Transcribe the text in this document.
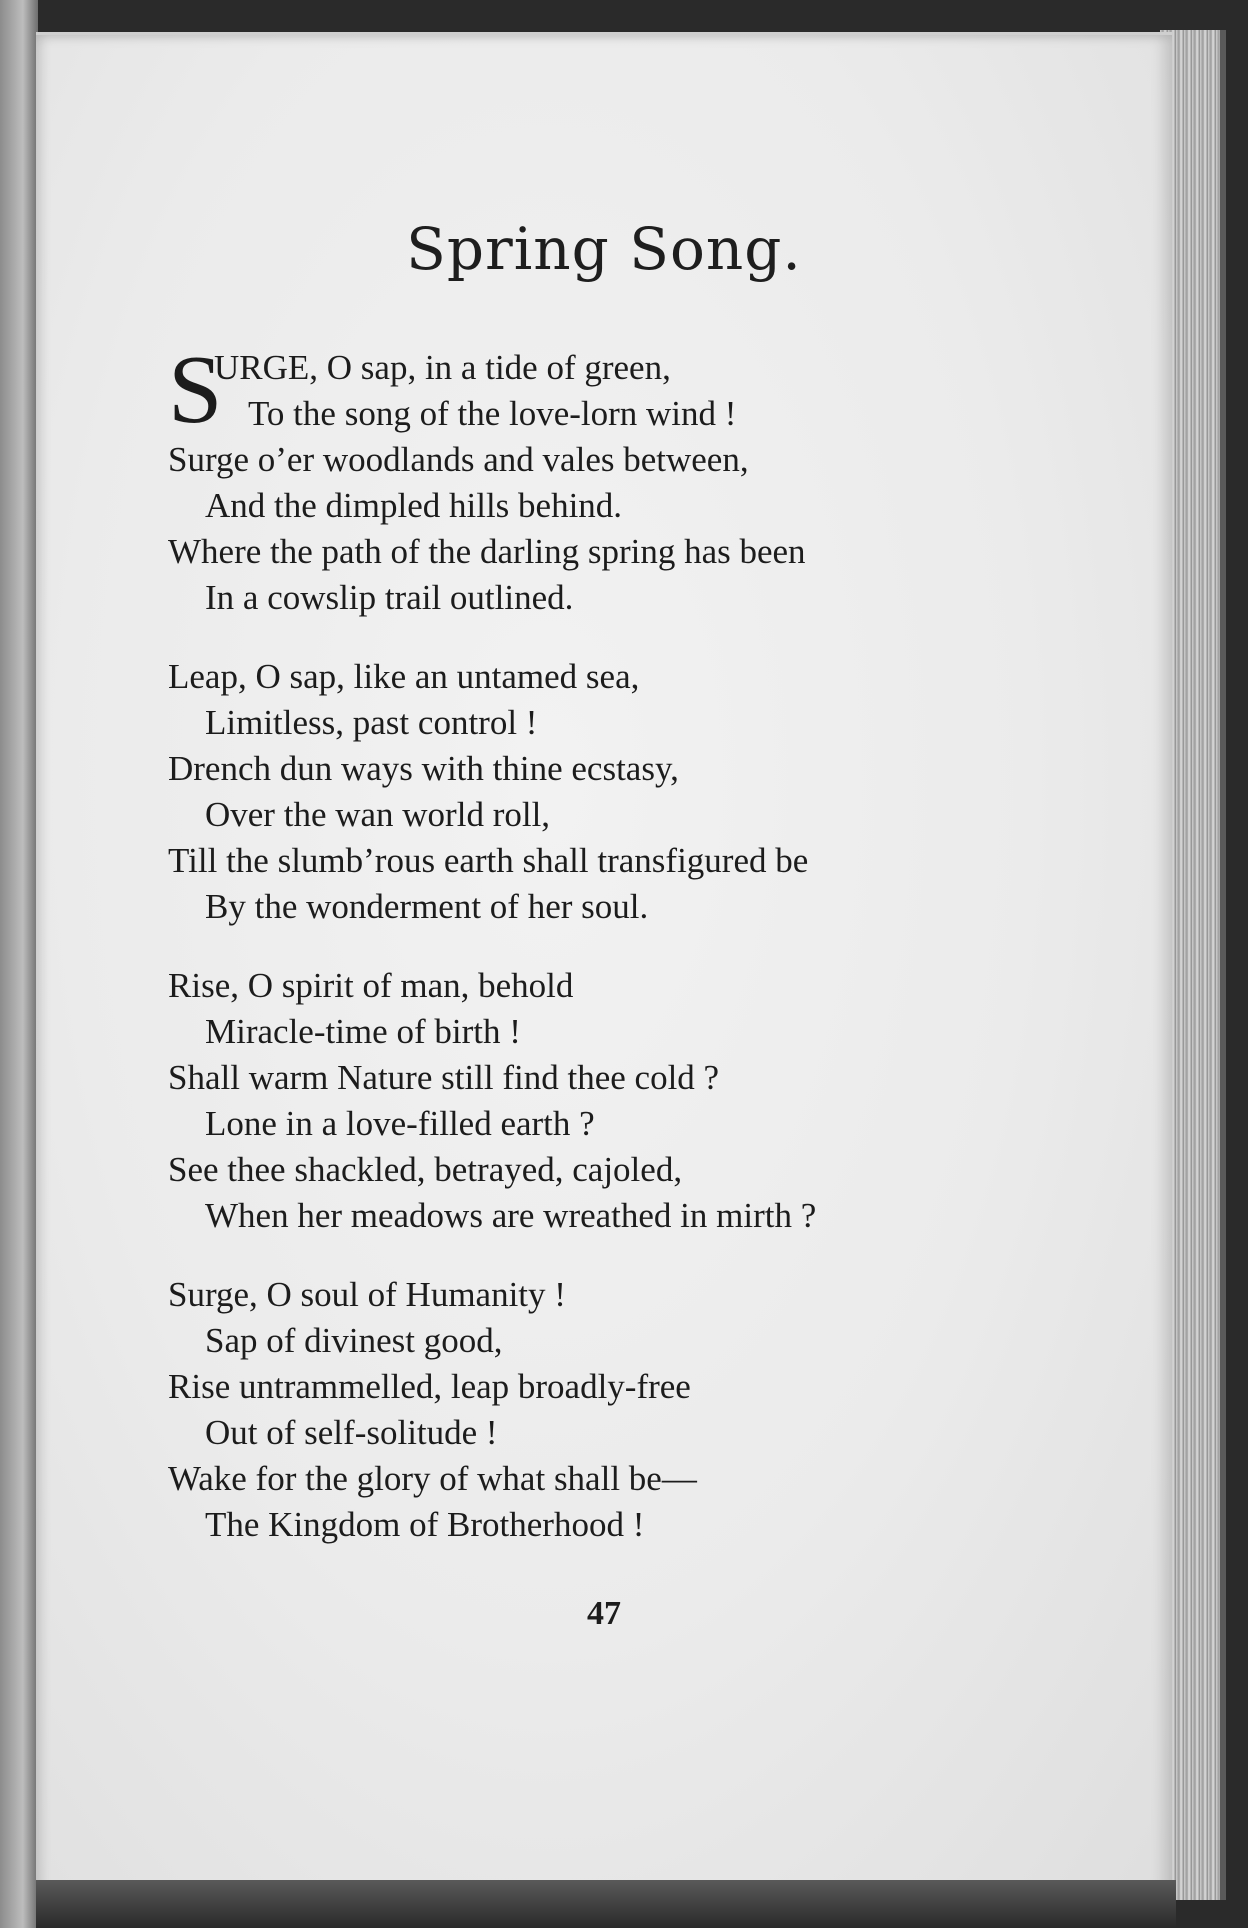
Spring Song.
S
URGE, O sap, in a tide of green,
To the song of the love-lorn wind !
Surge o’er woodlands and vales between,
And the dimpled hills behind.
Where the path of the darling spring has been
In a cowslip trail outlined.
Leap, O sap, like an untamed sea,
Limitless, past control !
Drench dun ways with thine ecstasy,
Over the wan world roll,
Till the slumb’rous earth shall transfigured be
By the wonderment of her soul.
Rise, O spirit of man, behold
Miracle-time of birth !
Shall warm Nature still find thee cold ?
Lone in a love-filled earth ?
See thee shackled, betrayed, cajoled,
When her meadows are wreathed in mirth ?
Surge, O soul of Humanity !
Sap of divinest good,
Rise untrammelled, leap broadly-free
Out of self-solitude !
Wake for the glory of what shall be—
The Kingdom of Brotherhood !
47
